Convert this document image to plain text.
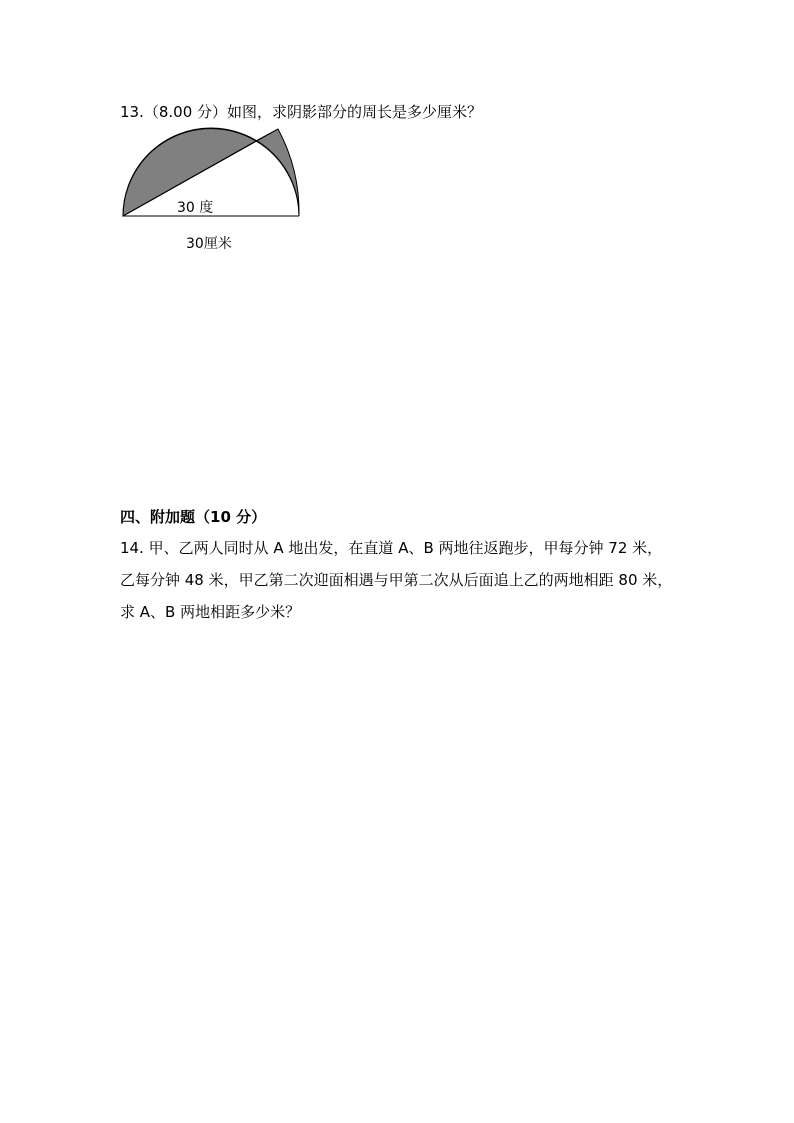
13.（8.00 分）如图，求阴影部分的周长是多少厘米？
30 度
30厘米
四、附加题（10 分）
14. 甲、乙两人同时从 A 地出发，在直道 A、B 两地往返跑步，甲每分钟 72 米，
乙每分钟 48 米，甲乙第二次迎面相遇与甲第二次从后面追上乙的两地相距 80 米，
求 A、B 两地相距多少米？
